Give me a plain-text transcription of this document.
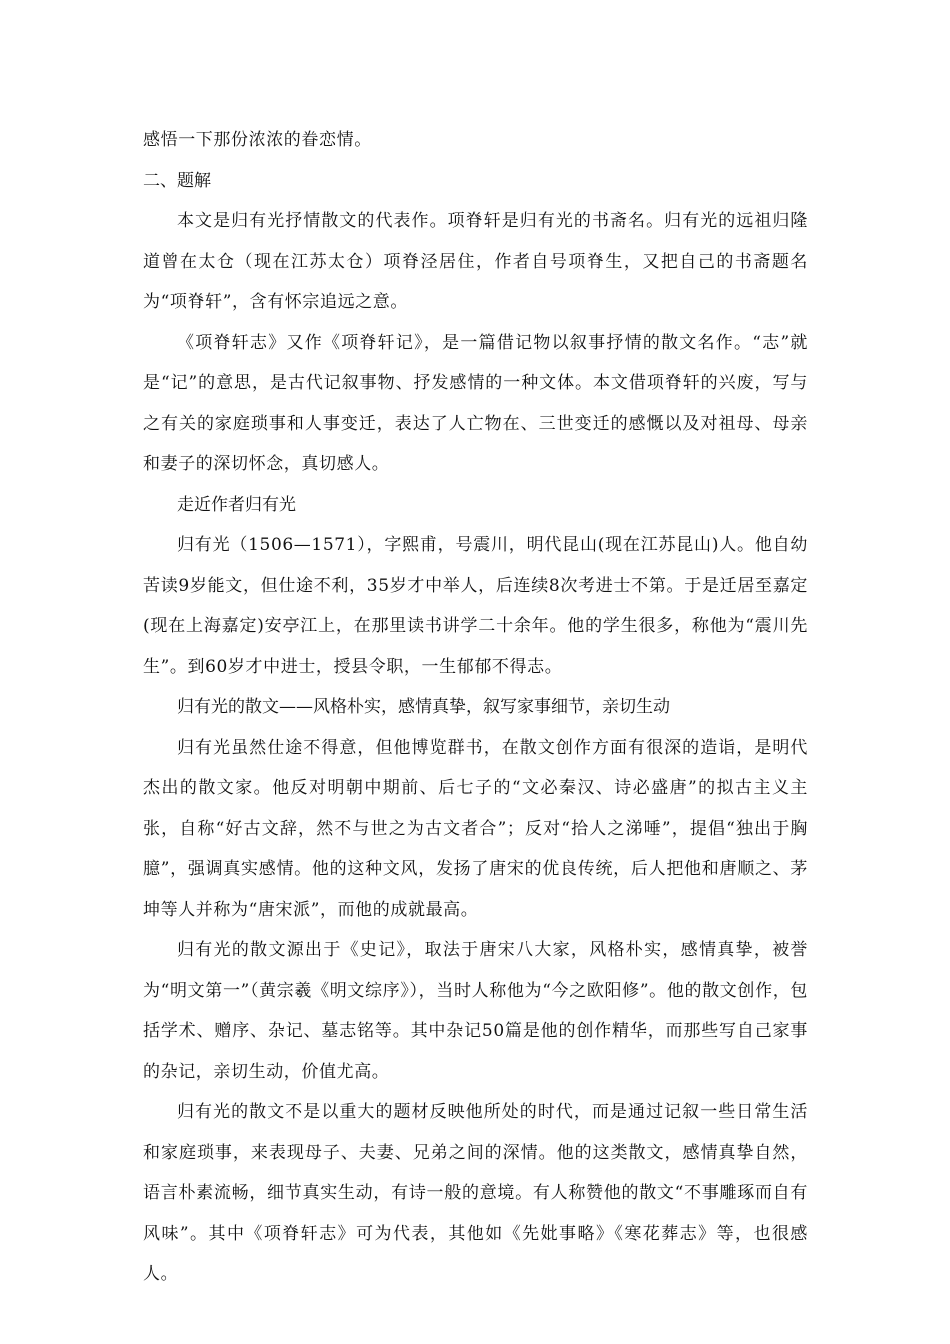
感悟一下那份浓浓的眷恋情。

二、题解

本文是归有光抒情散文的代表作。项脊轩是归有光的书斋名。归有光的远祖归隆道曾在太仓（现在江苏太仓）项脊泾居住，作者自号项脊生，又把自己的书斋题名为“项脊轩”，含有怀宗追远之意。

《项脊轩志》又作《项脊轩记》，是一篇借记物以叙事抒情的散文名作。“志”就是“记”的意思，是古代记叙事物、抒发感情的一种文体。本文借项脊轩的兴废，写与之有关的家庭琐事和人事变迁，表达了人亡物在、三世变迁的感慨以及对祖母、母亲和妻子的深切怀念，真切感人。

走近作者归有光

归有光（1506—1571），字熙甫，号震川，明代昆山(现在江苏昆山)人。他自幼苦读9岁能文，但仕途不利，35岁才中举人，后连续8次考进士不第。于是迁居至嘉定(现在上海嘉定)安亭江上，在那里读书讲学二十余年。他的学生很多，称他为“震川先生”。到60岁才中进士，授县令职，一生郁郁不得志。

归有光的散文——风格朴实，感情真挚，叙写家事细节，亲切生动

归有光虽然仕途不得意，但他博览群书，在散文创作方面有很深的造诣，是明代杰出的散文家。他反对明朝中期前、后七子的“文必秦汉、诗必盛唐”的拟古主义主张，自称“好古文辞，然不与世之为古文者合”；反对“拾人之涕唾”，提倡“独出于胸臆”，强调真实感情。他的这种文风，发扬了唐宋的优良传统，后人把他和唐顺之、茅坤等人并称为“唐宋派”，而他的成就最高。

归有光的散文源出于《史记》，取法于唐宋八大家，风格朴实，感情真挚，被誉为“明文第一”（黄宗羲《明文综序》），当时人称他为“今之欧阳修”。他的散文创作，包括学术、赠序、杂记、墓志铭等。其中杂记50篇是他的创作精华，而那些写自己家事的杂记，亲切生动，价值尤高。

归有光的散文不是以重大的题材反映他所处的时代，而是通过记叙一些日常生活和家庭琐事，来表现母子、夫妻、兄弟之间的深情。他的这类散文，感情真挚自然，语言朴素流畅，细节真实生动，有诗一般的意境。有人称赞他的散文“不事雕琢而自有风味”。其中《项脊轩志》可为代表，其他如《先妣事略》《寒花葬志》等，也很感人。
